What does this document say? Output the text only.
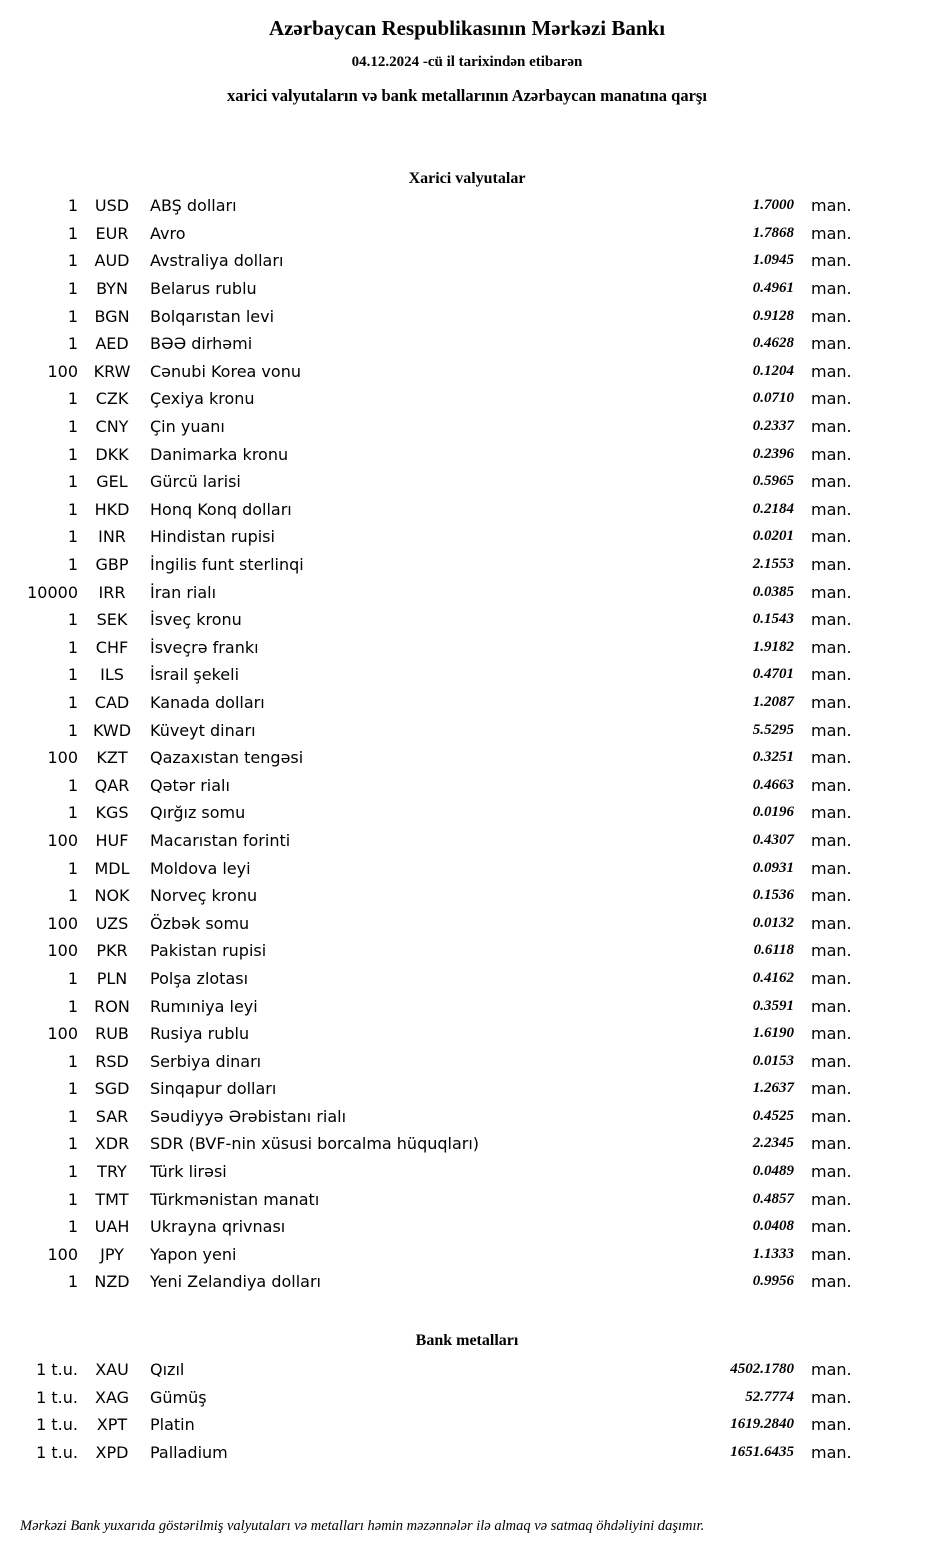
Azərbaycan Respublikasının Mərkəzi Bankı
04.12.2024 -cü il tarixindən etibarən
xarici valyutaların və bank metallarının Azərbaycan manatına qarşı
Xarici valyutalar
1	USD	ABŞ dolları	1.7000	man.
1	EUR	Avro	1.7868	man.
1	AUD	Avstraliya dolları	1.0945	man.
1	BYN	Belarus rublu	0.4961	man.
1	BGN	Bolqarıstan levi	0.9128	man.
1	AED	BƏƏ dirhəmi	0.4628	man.
100 KRW	Cənubi Korea vonu	0.1204	man.
1	CZK	Çexiya kronu	0.0710	man.
1	CNY	Çin yuanı	0.2337	man.
1	DKK	Danimarka kronu	0.2396	man.
1	GEL	Gürcü larisi	0.5965	man.
1	HKD	Honq Konq dolları	0.2184	man.
1	INR	Hindistan rupisi	0.0201	man.
1	GBP	İngilis funt sterlinqi	2.1553	man.
10000	IRR	İran rialı	0.0385	man.
1	SEK	İsveç kronu	0.1543	man.
1	CHF	İsveçrə frankı	1.9182	man.
1	ILS	İsrail şekeli	0.4701	man.
1	CAD	Kanada dolları	1.2087	man.
1 KWD	Küveyt dinarı	5.5295	man.
100	KZT	Qazaxıstan tengəsi	0.3251	man.
1	QAR	Qətər rialı	0.4663	man.
1	KGS	Qırğız somu	0.0196	man.
100	HUF	Macarıstan forinti	0.4307	man.
1	MDL	Moldova leyi	0.0931	man.
1	NOK	Norveç kronu	0.1536	man.
100	UZS	Özbək somu	0.0132	man.
100	PKR	Pakistan rupisi	0.6118	man.
1	PLN	Polşa zlotası	0.4162	man.
1	RON	Rumıniya leyi	0.3591	man.
100	RUB	Rusiya rublu	1.6190	man.
1	RSD	Serbiya dinarı	0.0153	man.
1	SGD	Sinqapur dolları	1.2637	man.
1	SAR	Səudiyyə Ərəbistanı rialı	0.4525	man.
1	XDR	SDR (BVF-nin xüsusi borcalma hüquqları)	2.2345	man.
1	TRY	Türk lirəsi	0.0489	man.
1	TMT	Türkmənistan manatı	0.4857	man.
1	UAH	Ukrayna qrivnası	0.0408	man.
100	JPY	Yapon yeni	1.1333	man.
1	NZD	Yeni Zelandiya dolları	0.9956	man.
Bank metalları
1 t.u.	XAU	Qızıl	4502.1780	man.
1 t.u.	XAG	Gümüş	52.7774	man.
1 t.u.	XPT	Platin	1619.2840	man.
1 t.u.	XPD	Palladium	1651.6435	man.
Mərkəzi Bank yuxarıda göstərilmiş valyutaları və metalları həmin məzənnələr ilə almaq və satmaq öhdəliyini daşımır.
